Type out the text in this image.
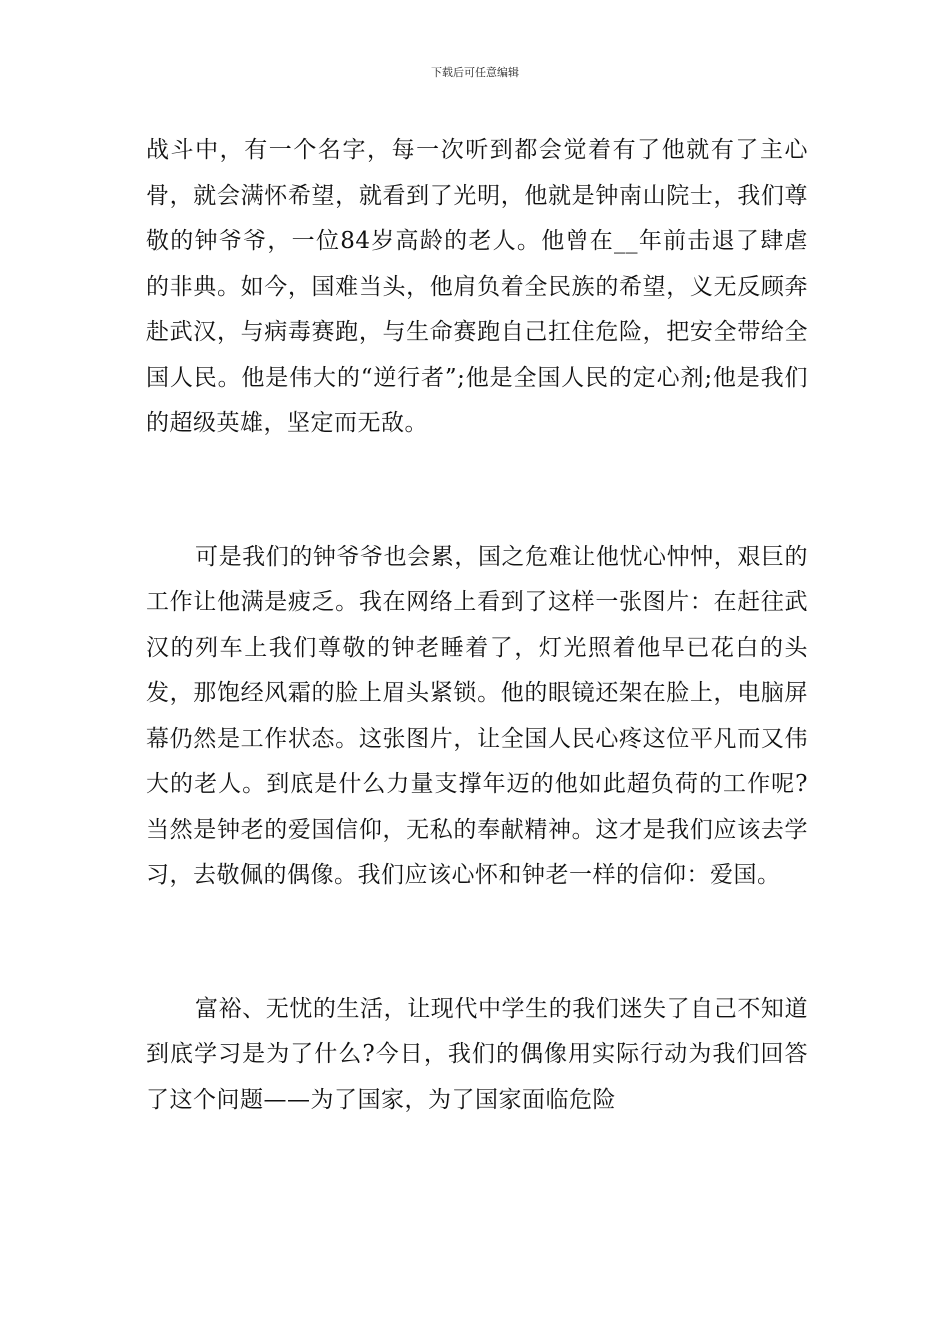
下载后可任意编辑

战斗中，有一个名字，每一次听到都会觉着有了他就有了主心骨，就会满怀希望，就看到了光明，他就是钟南山院士，我们尊敬的钟爷爷，一位84岁高龄的老人。他曾在__年前击退了肆虐的非典。如今，国难当头，他肩负着全民族的希望，义无反顾奔赴武汉，与病毒赛跑，与生命赛跑自己扛住危险，把安全带给全国人民。他是伟大的“逆行者”;他是全国人民的定心剂;他是我们的超级英雄，坚定而无敌。

可是我们的钟爷爷也会累，国之危难让他忧心忡忡，艰巨的工作让他满是疲乏。我在网络上看到了这样一张图片：在赶往武汉的列车上我们尊敬的钟老睡着了，灯光照着他早已花白的头发，那饱经风霜的脸上眉头紧锁。他的眼镜还架在脸上，电脑屏幕仍然是工作状态。这张图片，让全国人民心疼这位平凡而又伟大的老人。到底是什么力量支撑年迈的他如此超负荷的工作呢?当然是钟老的爱国信仰，无私的奉献精神。这才是我们应该去学习，去敬佩的偶像。我们应该心怀和钟老一样的信仰：爱国。

富裕、无忧的生活，让现代中学生的我们迷失了自己不知道到底学习是为了什么?今日，我们的偶像用实际行动为我们回答了这个问题——为了国家，为了国家面临危险
